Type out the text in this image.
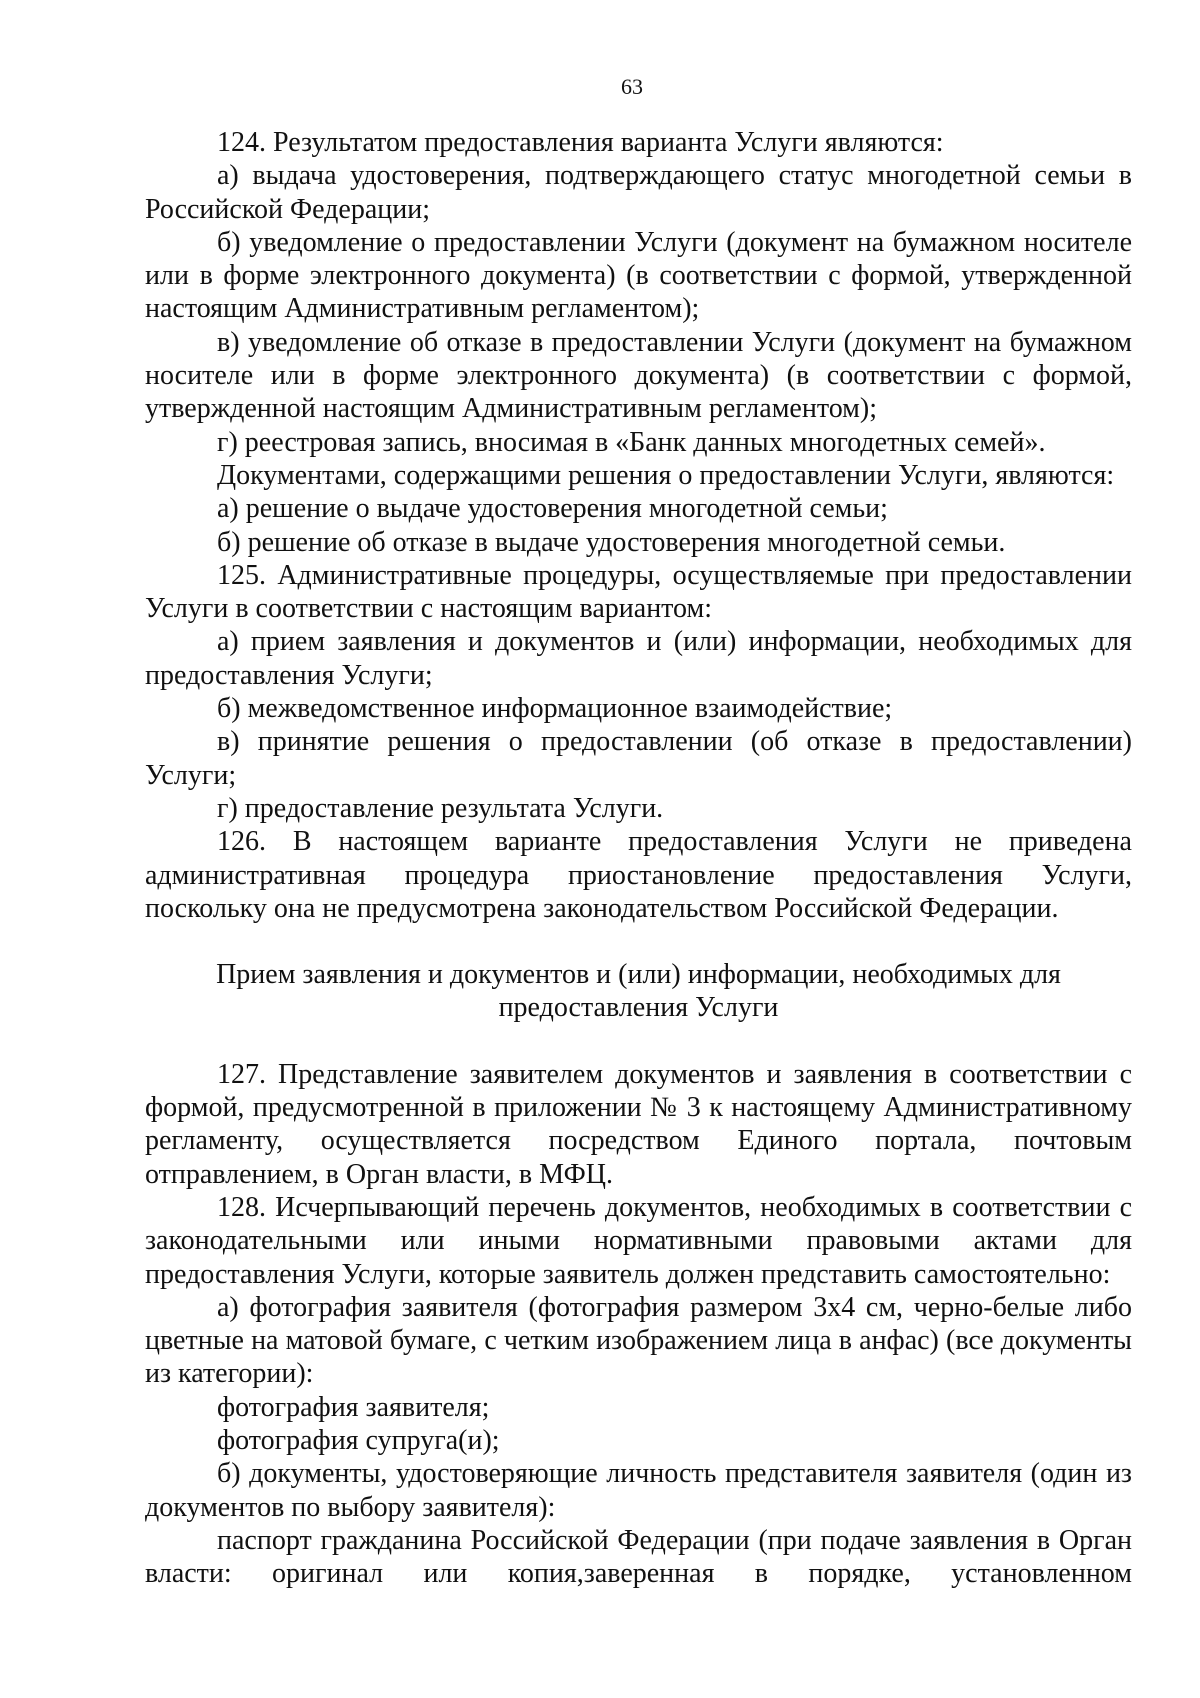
63

124. Результатом предоставления варианта Услуги являются:

а) выдача удостоверения, подтверждающего статус многодетной семьи в Российской Федерации;

б) уведомление о предоставлении Услуги (документ на бумажном носителе или в форме электронного документа) (в соответствии с формой, утвержденной настоящим Административным регламентом);

в) уведомление об отказе в предоставлении Услуги (документ на бумажном носителе или в форме электронного документа) (в соответствии с формой, утвержденной настоящим Административным регламентом);

г) реестровая запись, вносимая в «Банк данных многодетных семей».

Документами, содержащими решения о предоставлении Услуги, являются:

а) решение о выдаче удостоверения многодетной семьи;

б) решение об отказе в выдаче удостоверения многодетной семьи.

125. Административные процедуры, осуществляемые при предоставлении Услуги в соответствии с настоящим вариантом:

а) прием заявления и документов и (или) информации, необходимых для предоставления Услуги;

б) межведомственное информационное взаимодействие;

в) принятие решения о предоставлении (об отказе в предоставлении) Услуги;

г) предоставление результата Услуги.

126. В настоящем варианте предоставления Услуги не приведена административная процедура приостановление предоставления Услуги, поскольку она не предусмотрена законодательством Российской Федерации.

Прием заявления и документов и (или) информации, необходимых для предоставления Услуги

127. Представление заявителем документов и заявления в соответствии с формой, предусмотренной в приложении № 3 к настоящему Административному регламенту, осуществляется посредством Единого портала, почтовым отправлением, в Орган власти, в МФЦ.

128. Исчерпывающий перечень документов, необходимых в соответствии с законодательными или иными нормативными правовыми актами для предоставления Услуги, которые заявитель должен представить самостоятельно:

а) фотография заявителя (фотография размером 3x4 см, черно-белые либо цветные на матовой бумаге, с четким изображением лица в анфас) (все документы из категории):

фотография заявителя;

фотография супруга(и);

б) документы, удостоверяющие личность представителя заявителя (один из документов по выбору заявителя):

паспорт гражданина Российской Федерации (при подаче заявления в Орган власти: оригинал или копия,заверенная в порядке, установленном
